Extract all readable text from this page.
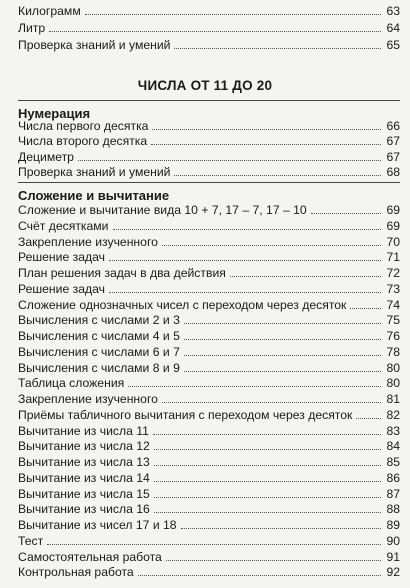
Килограмм	63
Литр	64
Проверка знаний и умений	65
ЧИСЛА ОТ 11 ДО 20
Нумерация
Числа первого десятка	66
Числа второго десятка	67
Дециметр	67
Проверка знаний и умений	68
Сложение и вычитание
Сложение и вычитание вида 10 + 7, 17 – 7, 17 – 10	69
Счёт десятками	69
Закрепление изученного	70
Решение задач	71
План решения задач в два действия	72
Решение задач	73
Сложение однозначных чисел с переходом через десяток	74
Вычисления с числами 2 и 3	75
Вычисления с числами 4 и 5	76
Вычисления с числами 6 и 7	78
Вычисления с числами 8 и 9	80
Таблица сложения	80
Закрепление изученного	81
Приёмы табличного вычитания с переходом через десяток	82
Вычитание из числа 11	83
Вычитание из числа 12	84
Вычитание из числа 13	85
Вычитание из числа 14	86
Вычитание из числа 15	87
Вычитание из числа 16	88
Вычитание из чисел 17 и 18	89
Тест	90
Самостоятельная работа	91
Контрольная работа	92
